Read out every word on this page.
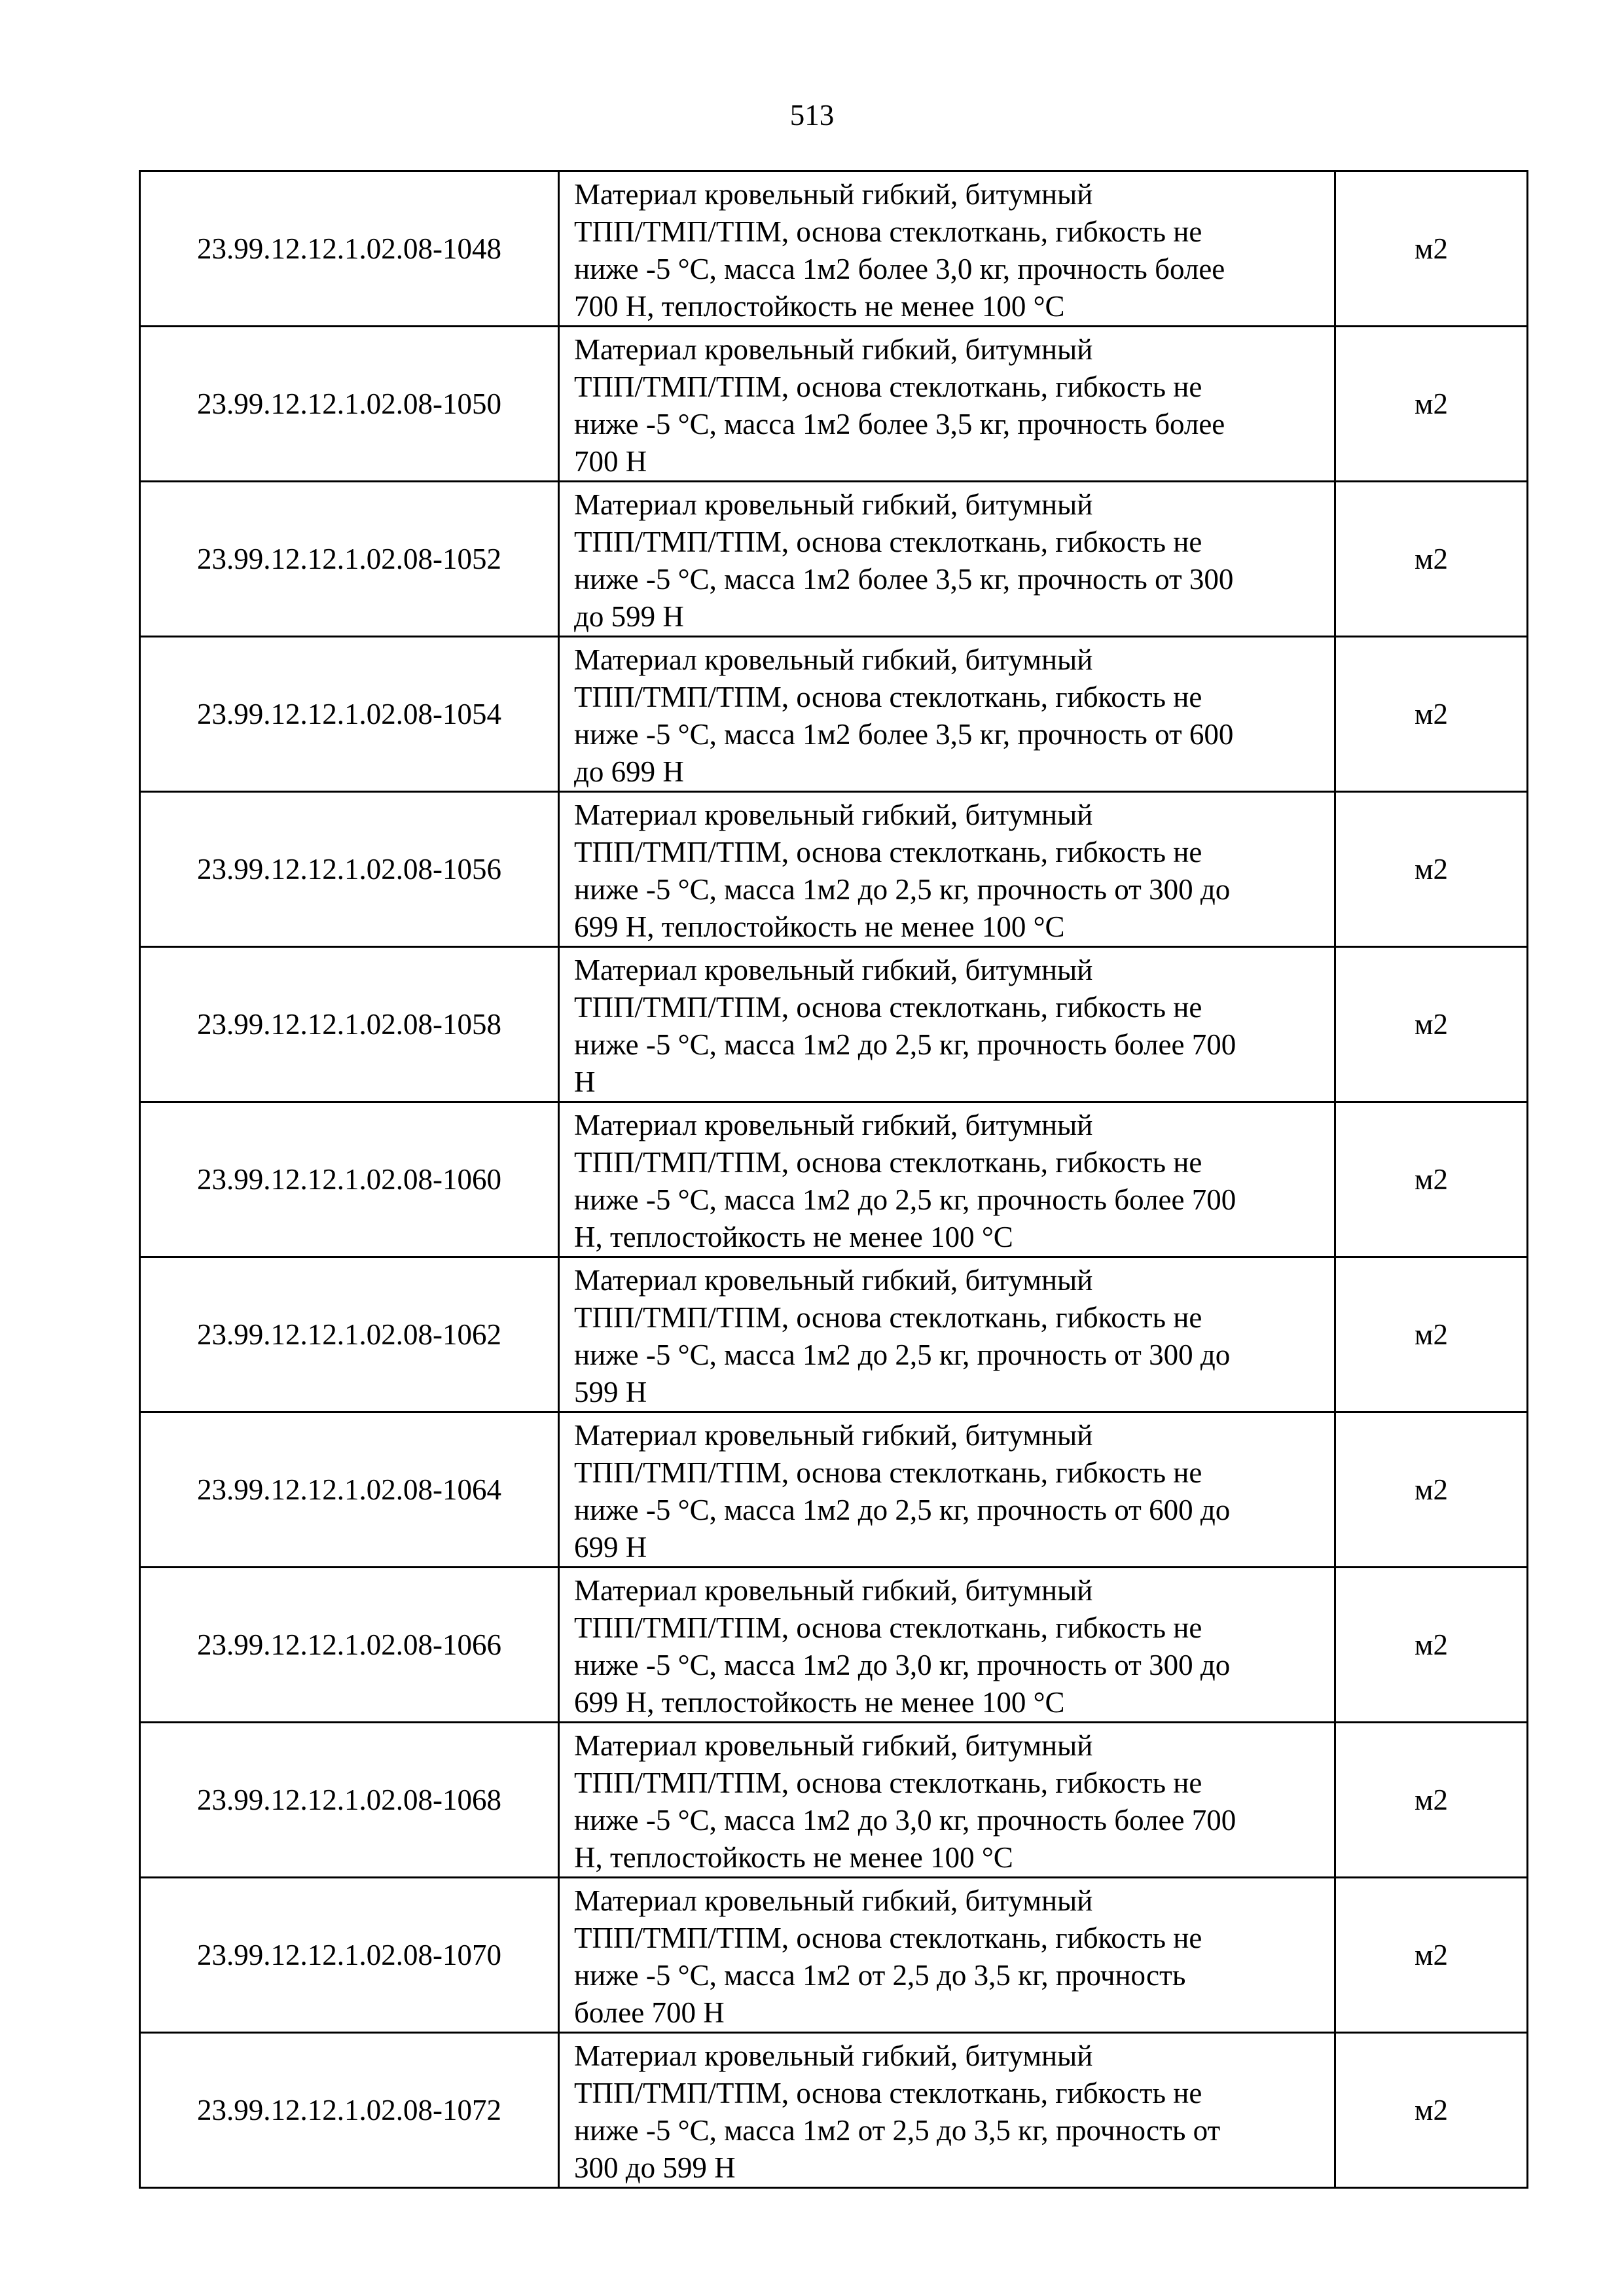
513
23.99.12.12.1.02.08-1048	Материал кровельный гибкий, битумный
ТПП/ТМП/ТПМ, основа стеклоткань, гибкость не
ниже -5 °С, масса 1м2 более 3,0 кг, прочность более
700 Н, теплостойкость не менее 100 °С	м2
23.99.12.12.1.02.08-1050	Материал кровельный гибкий, битумный
ТПП/ТМП/ТПМ, основа стеклоткань, гибкость не
ниже -5 °С, масса 1м2 более 3,5 кг, прочность более
700 Н	м2
23.99.12.12.1.02.08-1052	Материал кровельный гибкий, битумный
ТПП/ТМП/ТПМ, основа стеклоткань, гибкость не
ниже -5 °С, масса 1м2 более 3,5 кг, прочность от 300
до 599 Н	м2
23.99.12.12.1.02.08-1054	Материал кровельный гибкий, битумный
ТПП/ТМП/ТПМ, основа стеклоткань, гибкость не
ниже -5 °С, масса 1м2 более 3,5 кг, прочность от 600
до 699 Н	м2
23.99.12.12.1.02.08-1056	Материал кровельный гибкий, битумный
ТПП/ТМП/ТПМ, основа стеклоткань, гибкость не
ниже -5 °С, масса 1м2 до 2,5 кг, прочность от 300 до
699 Н, теплостойкость не менее 100 °С	м2
23.99.12.12.1.02.08-1058	Материал кровельный гибкий, битумный
ТПП/ТМП/ТПМ, основа стеклоткань, гибкость не
ниже -5 °С, масса 1м2 до 2,5 кг, прочность более 700
Н	м2
23.99.12.12.1.02.08-1060	Материал кровельный гибкий, битумный
ТПП/ТМП/ТПМ, основа стеклоткань, гибкость не
ниже -5 °С, масса 1м2 до 2,5 кг, прочность более 700
Н, теплостойкость не менее 100 °С	м2
23.99.12.12.1.02.08-1062	Материал кровельный гибкий, битумный
ТПП/ТМП/ТПМ, основа стеклоткань, гибкость не
ниже -5 °С, масса 1м2 до 2,5 кг, прочность от 300 до
599 Н	м2
23.99.12.12.1.02.08-1064	Материал кровельный гибкий, битумный
ТПП/ТМП/ТПМ, основа стеклоткань, гибкость не
ниже -5 °С, масса 1м2 до 2,5 кг, прочность от 600 до
699 Н	м2
23.99.12.12.1.02.08-1066	Материал кровельный гибкий, битумный
ТПП/ТМП/ТПМ, основа стеклоткань, гибкость не
ниже -5 °С, масса 1м2 до 3,0 кг, прочность от 300 до
699 Н, теплостойкость не менее 100 °С	м2
23.99.12.12.1.02.08-1068	Материал кровельный гибкий, битумный
ТПП/ТМП/ТПМ, основа стеклоткань, гибкость не
ниже -5 °С, масса 1м2 до 3,0 кг, прочность более 700
Н, теплостойкость не менее 100 °С	м2
23.99.12.12.1.02.08-1070	Материал кровельный гибкий, битумный
ТПП/ТМП/ТПМ, основа стеклоткань, гибкость не
ниже -5 °С, масса 1м2 от 2,5 до 3,5 кг, прочность
более 700 Н	м2
23.99.12.12.1.02.08-1072	Материал кровельный гибкий, битумный
ТПП/ТМП/ТПМ, основа стеклоткань, гибкость не
ниже -5 °С, масса 1м2 от 2,5 до 3,5 кг, прочность от
300 до 599 Н	м2
